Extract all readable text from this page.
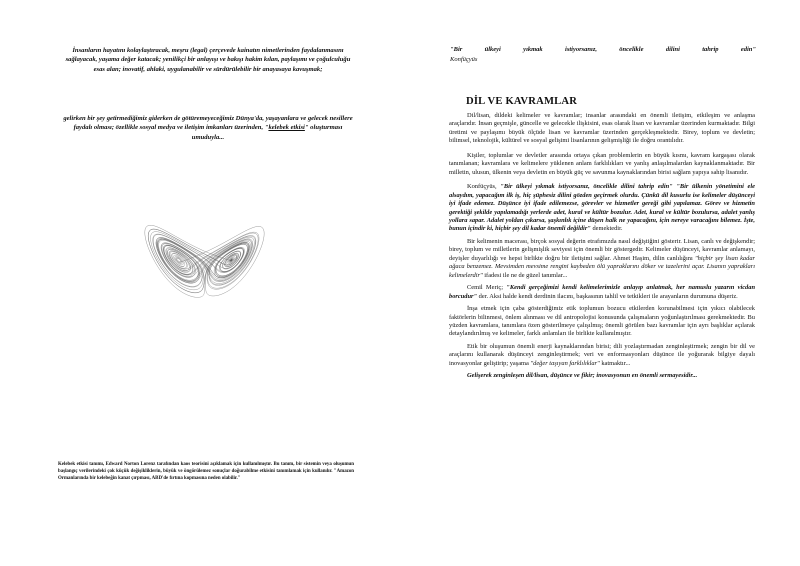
İnsanların hayatını kolaylaştıracak, meşru (legal) çerçevede kainatın nimetlerinden faydalanmasını sağlayacak, yaşama değer katacak; yenilikçi bir anlayışı ve bakışı hakim kılan, paylaşımı ve çoğulculuğu esas alan; inovatif, ahlaki, uygulanabilir ve sürdürülebilir bir anayasaya kavuşmak;
gelirken bir şey getirmediğimiz giderken de götüremeyeceğimiz Dünya'da, yaşayanlara ve gelecek nesillere faydalı olması; özellikle sosyal medya ve iletişim imkanları üzerinden, "kelebek etkisi" oluşturması umuduyla...
Kelebek etkisi tanımı, Edward Norton Lorenz tarafından kaos teorisini açıklamak için kullanılmıştır. Bu tanım, bir sistemin veya oluşumun başlangıç verilerindeki çok küçük değişikliklerin, büyük ve öngörülemez sonuçlar doğurabilme etkisini tanımlamak için kullanılır. "Amazon Ormanlarında bir kelebeğin kanat çırpması, ABD'de fırtına kopmasına neden olabilir."
"Bir ülkeyi yıkmak istiyorsanız, öncelikle dilini tahrip edin"
Konfüçyüs
DİL VE KAVRAMLAR

Dil/lisan, dildeki kelimeler ve kavramlar; insanlar arasındaki en önemli iletişim, etkileşim ve anlaşma araçlarıdır. İnsan geçmişle, güncelle ve gelecekle ilişkisini, esas olarak lisan ve kavramlar üzerinden kurmaktadır. Bilgi üretimi ve paylaşımı büyük ölçüde lisan ve kavramlar üzerinden gerçekleşmektedir. Birey, toplum ve devletin; bilimsel, teknolojik, kültürel ve sosyal gelişimi lisanlarının gelişmişliği ile doğru orantılıdır.

Kişiler, toplumlar ve devletler arasında ortaya çıkan problemlerin en büyük kısmı, kavram kargaşası olarak tanımlanan; kavramlara ve kelimelere yüklenen anlam farklılıkları ve yanlış anlaşılmalardan kaynaklanmaktadır. Bir milletin, ulusun, ülkenin veya devletin en büyük güç ve savunma kaynaklarından birisi sağlam yapıya sahip lisanıdır.

Konfüçyüs, "Bir ülkeyi yıkmak istiyorsanız, öncelikle dilini tahrip edin" "Bir ülkenin yönetimini ele alsaydım, yapacağım ilk iş, hiç şüphesiz dilini gözden geçirmek olurdu. Çünkü dil kusurlu ise kelimeler düşünceyi iyi ifade edemez. Düşünce iyi ifade edilemezse, görevler ve hizmetler gereği gibi yapılamaz. Görev ve hizmetin gerektiği şekilde yapılamadığı yerlerde adet, kural ve kültür bozulur. Adet, kural ve kültür bozulursa, adalet yanlış yollara sapar. Adalet yoldan çıkarsa, şaşkınlık içine düşen halk ne yapacağını, için nereye varacağını bilemez. İşte, bunun içindir ki, hiçbir şey dil kadar önemli değildir" demektedir.

Bir kelimenin macerası, birçok sosyal değerin etrafımızda nasıl değiştiğini gösterir. Lisan, canlı ve değişkendir; birey, toplum ve milletlerin gelişmişlik seviyesi için önemli bir göstergedir. Kelimeler düşünceyi, kavramlar anlamayı, deyişler duyarlılığı ve hepsi birlikte doğru bir iletişimi sağlar. Ahmet Haşim, dilin canlılığını "hiçbir şey lisan kadar ağaca benzemez. Mevsimden mevsime rengini kaybeden ölü yapraklarını döker ve tazelerini açar. Lisanın yaprakları kelimelerdir" ifadesi ile ne de güzel tanımlar...

Cemil Meriç; "Kendi gerçeğimizi kendi kelimelerimizle anlayıp anlatmak, her namuslu yazarın vicdan borcudur" der. Aksi halde kendi derdinin ilacını, başkasının tahlil ve tetkikleri ile arayanların durumuna düşeriz.

İnşa etmek için çaba gösterdiğimiz etik toplumun bozucu etkilerden korunabilmesi için yıkıcı olabilecek faktörlerin bilinmesi, önlem alınması ve dil antropolojisi konusunda çalışmaların yoğunlaştırılması gerekmektedir. Bu yüzden kavramlara, tanımlara özen gösterilmeye çalışılmış; önemli görülen bazı kavramlar için ayrı başlıklar açılarak detaylandırılmış ve kelimeler, farklı anlamları ile birlikte kullanılmıştır.

Etik bir oluşumun önemli enerji kaynaklarından birisi; dili yozlaştırmadan zenginleştirmek; zengin bir dil ve araçlarını kullanarak düşünceyi zenginleştirmek; veri ve enformasyonları düşünce ile yoğurarak bilgiye dayalı inovasyonlar geliştirip; yaşama "değer taşıyan farklılıklar" katmaktır...

Gelişerek zenginleşen dil/lisan, düşünce ve fikir; inovasyonun en önemli sermayesidir...
